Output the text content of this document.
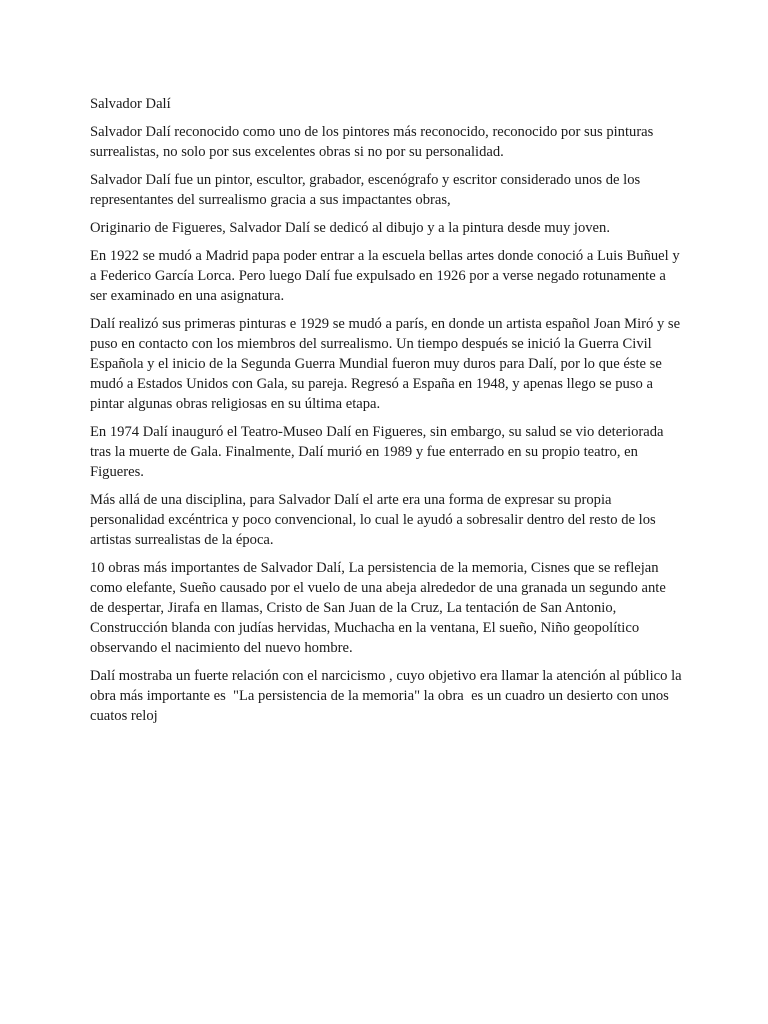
Salvador Dalí

Salvador Dalí reconocido como uno de los pintores más reconocido, reconocido por sus pinturas surrealistas, no solo por sus excelentes obras si no por su personalidad.

Salvador Dalí fue un pintor, escultor, grabador, escenógrafo y escritor considerado unos de los representantes del surrealismo gracia a sus impactantes obras,

Originario de Figueres, Salvador Dalí se dedicó al dibujo y a la pintura desde muy joven.

En 1922 se mudó a Madrid papa poder entrar a la escuela bellas artes donde conoció a Luis Buñuel y a Federico García Lorca. Pero luego Dalí fue expulsado en 1926 por a verse negado rotunamente a ser examinado en una asignatura.

Dalí realizó sus primeras pinturas e 1929 se mudó a parís, en donde un artista español Joan Miró y se puso en contacto con los miembros del surrealismo. Un tiempo después se inició la Guerra Civil Española y el inicio de la Segunda Guerra Mundial fueron muy duros para Dalí, por lo que éste se mudó a Estados Unidos con Gala, su pareja. Regresó a España en 1948, y apenas llego se puso a pintar algunas obras religiosas en su última etapa.

En 1974 Dalí inauguró el Teatro-Museo Dalí en Figueres, sin embargo, su salud se vio deteriorada tras la muerte de Gala. Finalmente, Dalí murió en 1989 y fue enterrado en su propio teatro, en Figueres.

Más allá de una disciplina, para Salvador Dalí el arte era una forma de expresar su propia personalidad excéntrica y poco convencional, lo cual le ayudó a sobresalir dentro del resto de los artistas surrealistas de la época.

10 obras más importantes de Salvador Dalí, La persistencia de la memoria, Cisnes que se reflejan como elefante, Sueño causado por el vuelo de una abeja alrededor de una granada un segundo ante de despertar, Jirafa en llamas, Cristo de San Juan de la Cruz, La tentación de San Antonio, Construcción blanda con judías hervidas, Muchacha en la ventana, El sueño, Niño geopolítico observando el nacimiento del nuevo hombre.

Dalí mostraba un fuerte relación con el narcicismo , cuyo objetivo era llamar la atención al público la obra más importante es  "La persistencia de la memoria" la obra  es un cuadro un desierto con unos cuatos reloj
